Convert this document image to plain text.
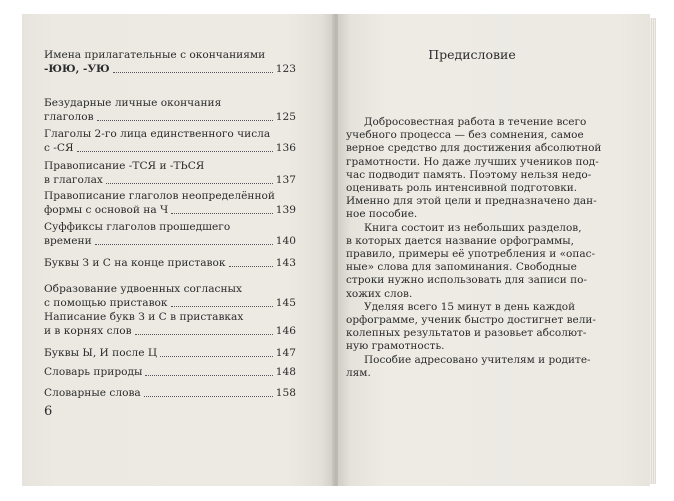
Имена прилагательные с окончаниями
-ЮЮ, -УЮ	123
Безударные личные окончания
глаголов	125
Глаголы 2-го лица единственного числа
с -СЯ	136
Правописание -ТСЯ и -ТЬСЯ
в глаголах	137
Правописание глаголов неопределённой
формы с основой на Ч	139
Суффиксы глаголов прошедшего
времени	140
Буквы З и С на конце приставок	143
Образование удвоенных согласных
с помощью приставок	145
Написание букв З и С в приставках
и в корнях слов	146
Буквы Ы, И после Ц	147
Словарь природы	148
Словарные слова	158
6
Предисловие

Добросовестная работа в течение всего
учебного процесса — без сомнения, самое
верное средство для достижения абсолютной
грамотности. Но даже лучших учеников под-
час подводит память. Поэтому нельзя недо-
оценивать роль интенсивной подготовки.
Именно для этой цели и предназначено дан-
ное пособие.

Книга состоит из небольших разделов,
в которых дается название орфограммы,
правило, примеры её употребления и «опас-
ные» слова для запоминания. Свободные
строки нужно использовать для записи по-
хожих слов.

Уделяя всего 15 минут в день каждой
орфограмме, ученик быстро достигнет вели-
колепных результатов и разовьет абсолют-
ную грамотность.

Пособие адресовано учителям и родите-
лям.
